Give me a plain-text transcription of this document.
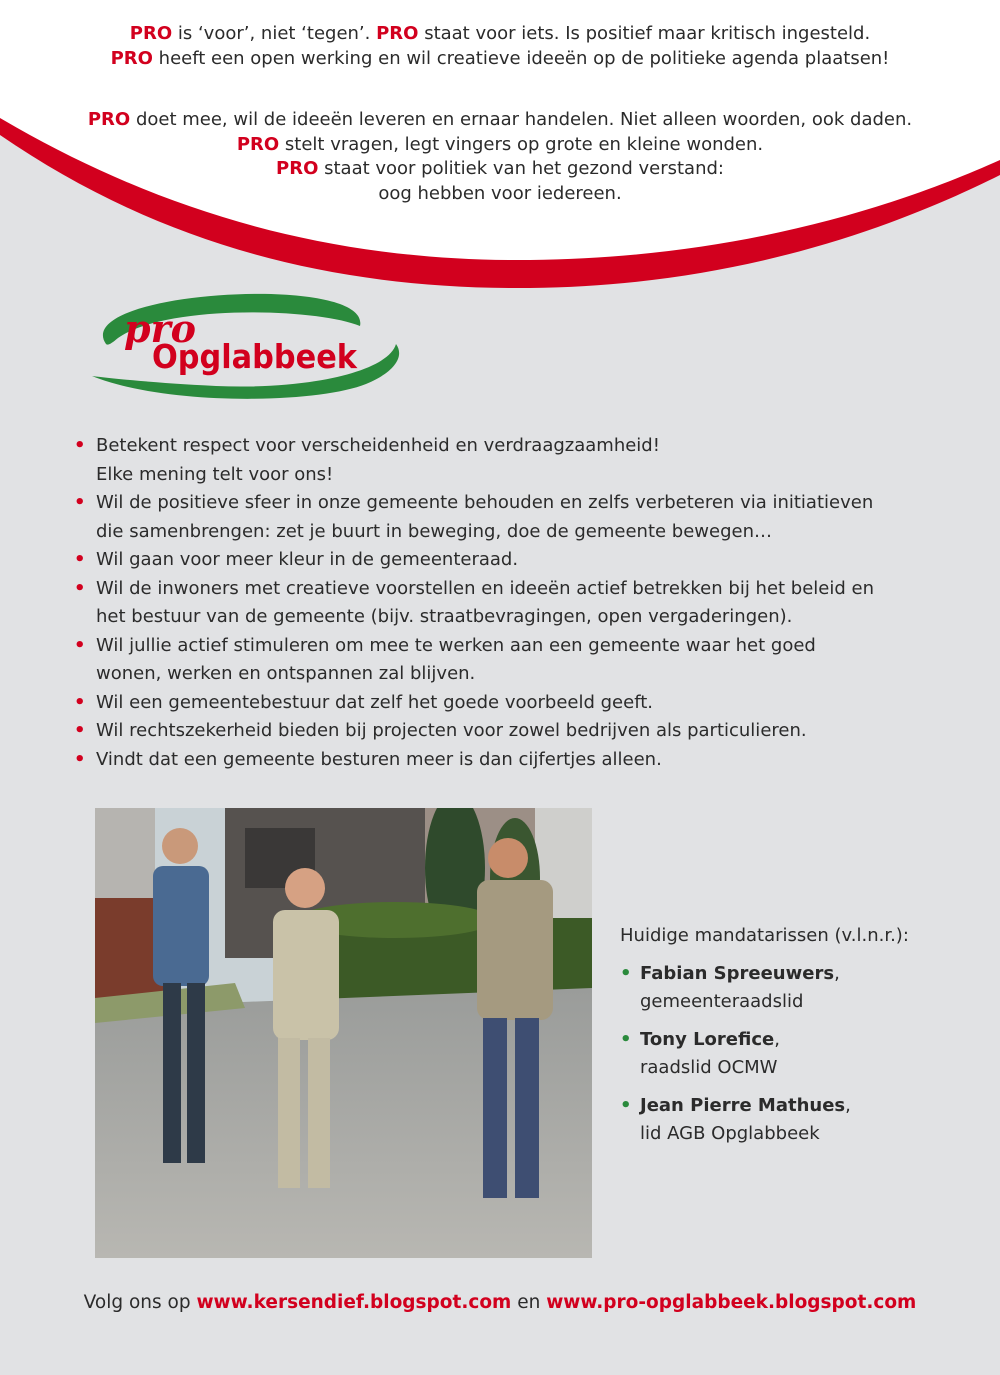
PRO is ‘voor’, niet ‘tegen’. PRO staat voor iets. Is positief maar kritisch ingesteld.

PRO heeft een open werking en wil creatieve ideeën op de politieke agenda plaatsen!

PRO doet mee, wil de ideeën leveren en ernaar handelen. Niet alleen woorden, ook daden.

PRO stelt vragen, legt vingers op grote en kleine wonden.

PRO staat voor politiek van het gezond verstand:

oog hebben voor iedereen.

pro
Opglabbeek
• Betekent respect voor verscheidenheid en verdraagzaamheid!
Elke mening telt voor ons!
• Wil de positieve sfeer in onze gemeente behouden en zelfs verbeteren via initiatieven
die samenbrengen: zet je buurt in beweging, doe de gemeente bewegen…
• Wil gaan voor meer kleur in de gemeenteraad.
• Wil de inwoners met creatieve voorstellen en ideeën actief betrekken bij het beleid en
het bestuur van de gemeente (bijv. straatbevragingen, open vergaderingen).
• Wil jullie actief stimuleren om mee te werken aan een gemeente waar het goed
wonen, werken en ontspannen zal blijven.
• Wil een gemeentebestuur dat zelf het goede voorbeeld geeft.
• Wil rechtszekerheid bieden bij projecten voor zowel bedrijven als particulieren.
• Vindt dat een gemeente besturen meer is dan cijfertjes alleen.

Huidige mandatarissen (v.l.n.r.):

• Fabian Spreeuwers,
gemeenteraadslid
• Tony Lorefice,
raadslid OCMW
• Jean Pierre Mathues,
lid AGB Opglabbeek
Volg ons op www.kersendief.blogspot.com en www.pro-opglabbeek.blogspot.com
